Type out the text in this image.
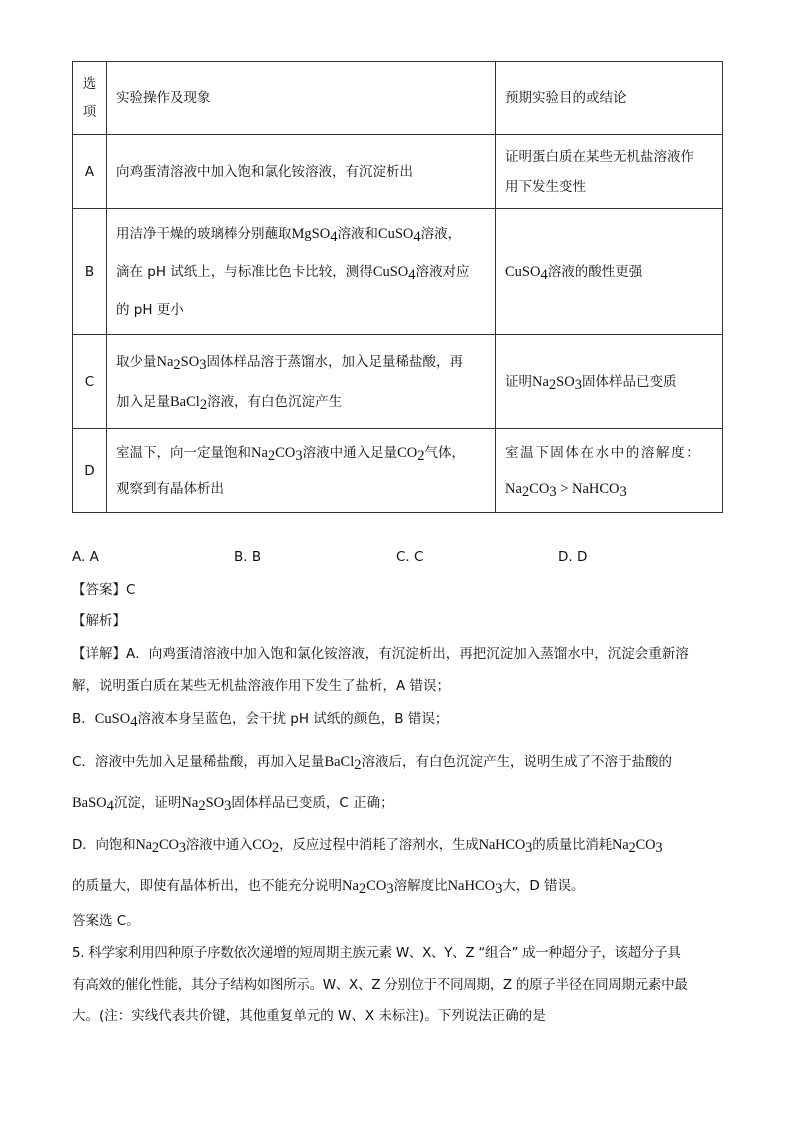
选
项	实验操作及现象	预期实验目的或结论
A	向鸡蛋清溶液中加入饱和氯化铵溶液，有沉淀析出	证明蛋白质在某些无机盐溶液作
用下发生变性
B	用洁净干燥的玻璃棒分别蘸取MgSO$_4$溶液和CuSO$_4$溶液，
滴在 pH 试纸上，与标准比色卡比较，测得CuSO$_4$溶液对应
的 pH 更小	CuSO$_4$溶液的酸性更强
C	取少量$Na_2SO_3$固体样品溶于蒸馏水，加入足量稀盐酸，再
加入足量BaCl$_2$溶液，有白色沉淀产生	证明$Na_2SO_3$固体样品已变质
D	室温下，向一定量饱和$Na_2CO_3$溶液中通入足量$CO_2$气体，
观察到有晶体析出	室温下固体在水中的溶解度：
$Na_2CO_3$ > NaHCO$_3$
A. A	B. B	C. C	D. D
【答案】C
【解析】
【详解】A．向鸡蛋清溶液中加入饱和氯化铵溶液，有沉淀析出，再把沉淀加入蒸馏水中，沉淀会重新溶
解，说明蛋白质在某些无机盐溶液作用下发生了盐析，A 错误；
B．CuSO$_4$溶液本身呈蓝色，会干扰 pH 试纸的颜色，B 错误；
C．溶液中先加入足量稀盐酸，再加入足量BaCl$_2$溶液后，有白色沉淀产生，说明生成了不溶于盐酸的
BaSO$_4$沉淀，证明$Na_2SO_3$固体样品已变质，C 正确；
D．向饱和$Na_2CO_3$溶液中通入$CO_2$，反应过程中消耗了溶剂水，生成NaHCO$_3$的质量比消耗$Na_2CO_3$
的质量大，即使有晶体析出，也不能充分说明$Na_2CO_3$溶解度比NaHCO$_3$大，D 错误。
答案选 C。
5. 科学家利用四种原子序数依次递增的短周期主族元素 W、X、Y、Z “组合” 成一种超分子，该超分子具
有高效的催化性能，其分子结构如图所示。W、X、Z 分别位于不同周期，Z 的原子半径在同周期元素中最
大。(注：实线代表共价键，其他重复单元的 W、X 未标注)。下列说法正确的是
